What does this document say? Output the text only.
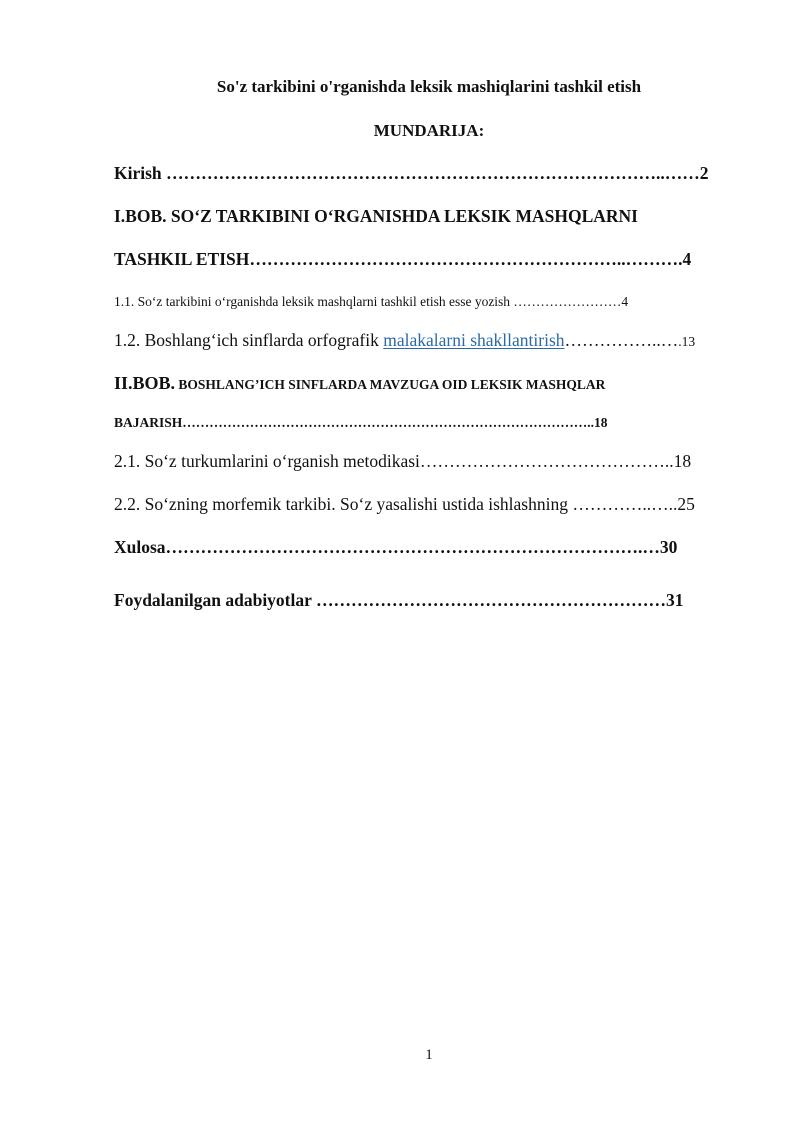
So'z tarkibini o'rganishda leksik mashiqlarini tashkil etish
MUNDARIJA:
Kirish …………………………………………………………………………..……2
I.BOB. SO‘Z TARKIBINI O‘RGANISHDA LEKSIK MASHQLARNI
TASHKIL ETISH………………………………………………………..……….4
1.1. So‘z tarkibini o‘rganishda leksik mashqlarni tashkil etish esse yozish ……………………4
1.2. Boshlang‘ich sinflarda orfografik malakalarni shakllantirish……………..….13
II.BOB. BOSHLANG’ICH SINFLARDA MAVZUGA OID LEKSIK MASHQLAR
BAJARISH………………………………………………………………………………..18
2.1. So‘z turkumlarini o‘rganish metodikasi……………………………………..18
2.2. So‘zning morfemik tarkibi. So‘z yasalishi ustida ishlashning …………..…..25
Xulosa……………………………………………………………………….…30
Foydalanilgan adabiyotlar ……………………………………………………31
1
